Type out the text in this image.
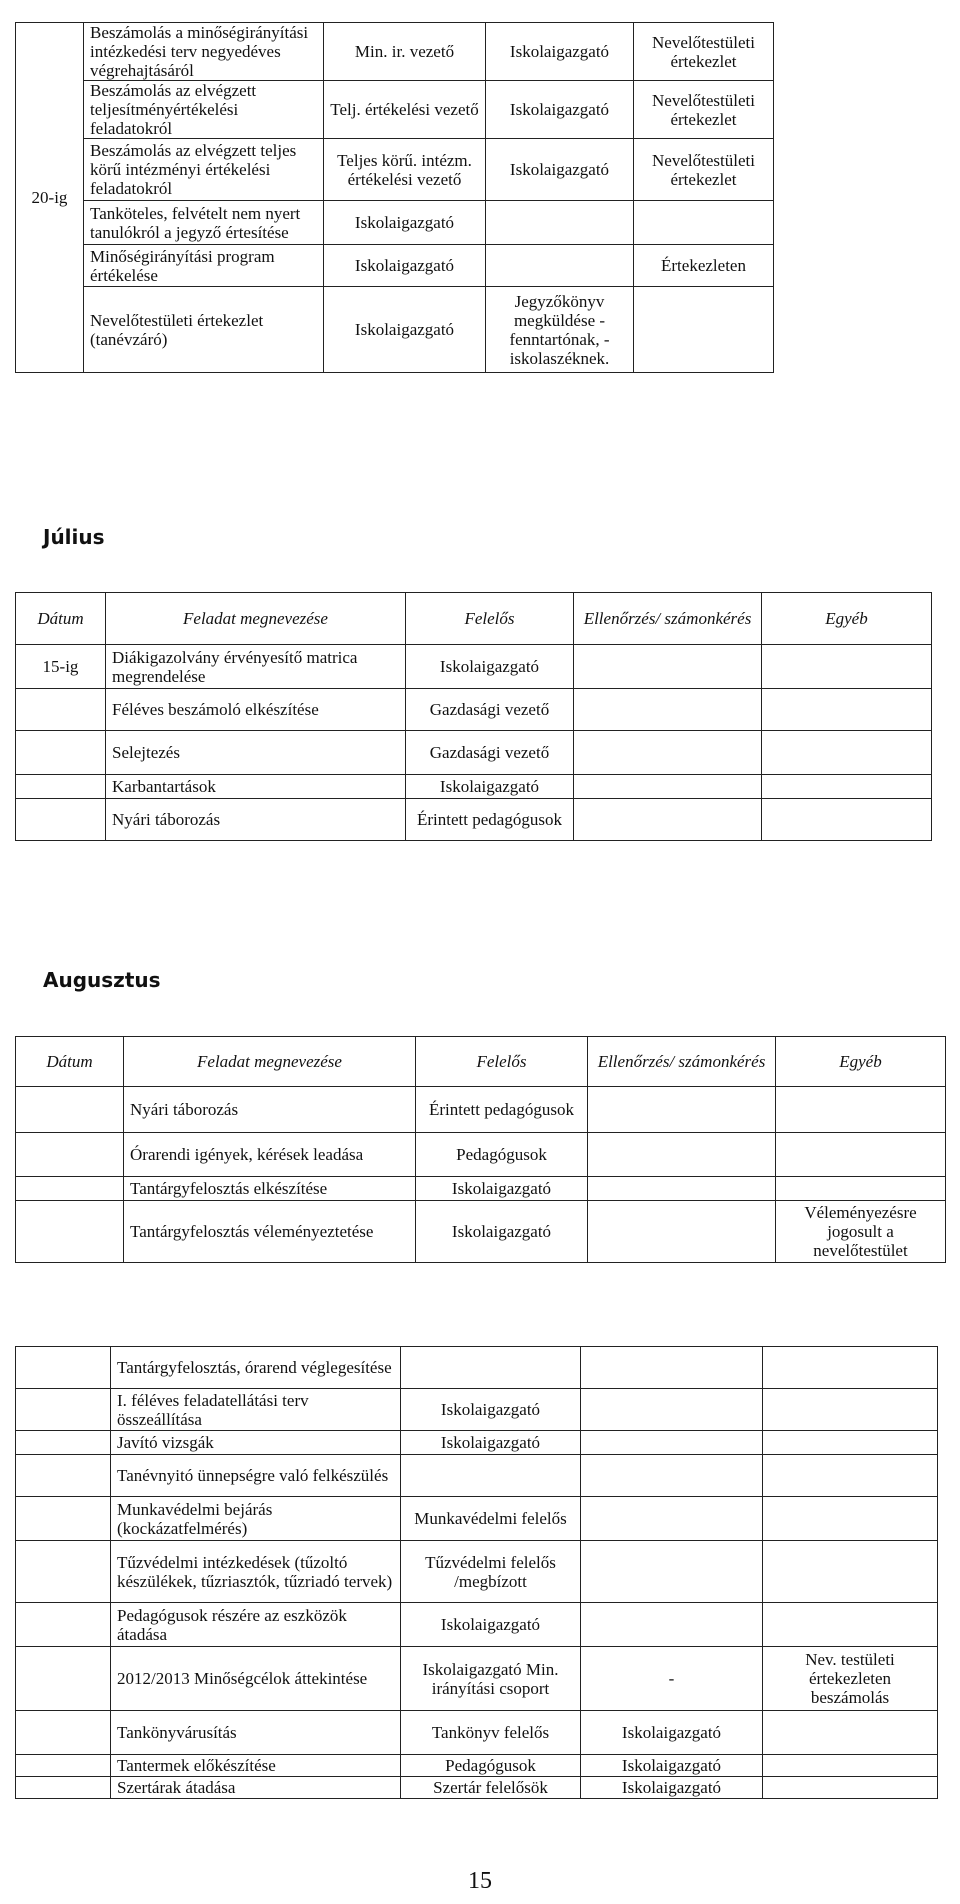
20-ig	Beszámolás a minőségirányítási intézkedési terv negyedéves végrehajtásáról	Min. ir. vezető	Iskolaigazgató	Nevelőtestületi értekezlet
	Beszámolás az elvégzett teljesítményértékelési feladatokról	Telj. értékelési vezető	Iskolaigazgató	Nevelőtestületi értekezlet
	Beszámolás az elvégzett teljes körű intézményi értékelési feladatokról	Teljes körű. intézm. értékelési vezető	Iskolaigazgató	Nevelőtestületi értekezlet
	Tanköteles, felvételt nem nyert tanulókról a jegyző értesítése	Iskolaigazgató		
	Minőségirányítási program értékelése	Iskolaigazgató		Értekezleten
	Nevelőtestületi értekezlet (tanévzáró)	Iskolaigazgató	Jegyzőkönyv megküldése - fenntartónak, - iskolaszéknek.	
Július
Dátum	Feladat megnevezése	Felelős	Ellenőrzés/ számonkérés	Egyéb
15-ig	Diákigazolvány érvényesítő matrica megrendelése	Iskolaigazgató		
	Féléves beszámoló elkészítése	Gazdasági vezető		
	Selejtezés	Gazdasági vezető		
	Karbantartások	Iskolaigazgató		
	Nyári táborozás	Érintett pedagógusok		
Augusztus
Dátum	Feladat megnevezése	Felelős	Ellenőrzés/ számonkérés	Egyéb
	Nyári táborozás	Érintett pedagógusok		
	Órarendi igények, kérések leadása	Pedagógusok		
	Tantárgyfelosztás elkészítése	Iskolaigazgató		
	Tantárgyfelosztás véleményeztetése	Iskolaigazgató		Véleményezésre jogosult a nevelőtestület
	Tantárgyfelosztás, órarend véglegesítése			
	I. féléves feladatellátási terv összeállítása	Iskolaigazgató		
	Javító vizsgák	Iskolaigazgató		
	Tanévnyitó ünnepségre való felkészülés			
	Munkavédelmi bejárás (kockázatfelmérés)	Munkavédelmi felelős		
	Tűzvédelmi intézkedések (tűzoltó készülékek, tűzriasztók, tűzriadó tervek)	Tűzvédelmi felelős /megbízott		
	Pedagógusok részére az eszközök átadása	Iskolaigazgató		
	2012/2013 Minőségcélok áttekintése	Iskolaigazgató Min. irányítási csoport	-	Nev. testületi értekezleten beszámolás
	Tankönyvárusítás	Tankönyv felelős	Iskolaigazgató	
	Tantermek előkészítése	Pedagógusok	Iskolaigazgató	
	Szertárak átadása	Szertár felelősök	Iskolaigazgató	
15
